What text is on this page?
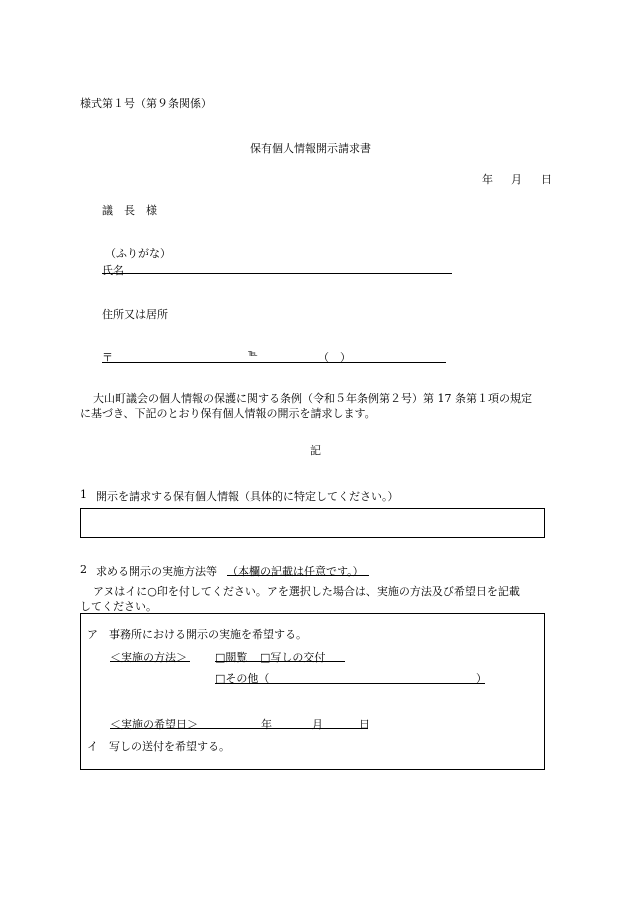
様式第１号（第９条関係）
保有個人情報開示請求書
年 月 日
議　長　様
（ふりがな）
氏名
住所又は居所
〒	℡	（　）
大山町議会の個人情報の保護に関する条例（令和５年条例第２号）第 17 条第１項の規定
に基づき、下記のとおり保有個人情報の開示を請求します。
記
1 開示を請求する保有個人情報（具体的に特定してください。）
2 求める開示の実施方法等 （本欄の記載は任意です。）
アヌはイに○印を付してください。アを選択した場合は、実施の方法及び希望日を記載
してください。
ア　事務所における開示の実施を希望する。
＜実施の方法＞	□閲覧 □写しの交付
□その他（	）
＜実施の希望日＞	年	月	日
イ　写しの送付を希望する。
